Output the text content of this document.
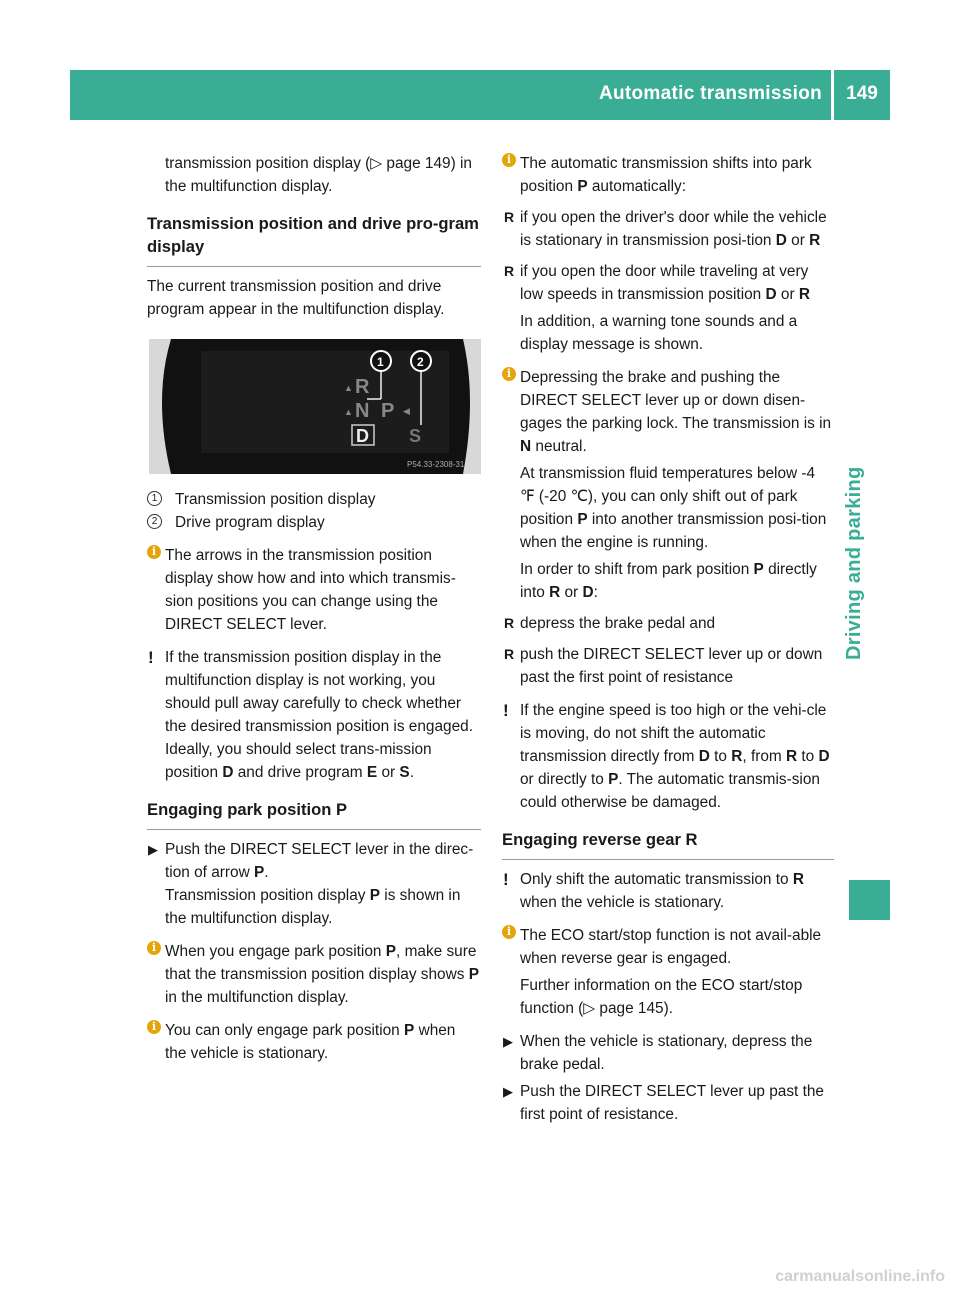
Automatic transmission	149
Driving and parking

transmission position display (▷ page 149) in the multifunction display.

Transmission position and drive pro-gram display

The current transmission position and drive program appear in the multifunction display.

R
N P
D S
▲
▲	◀
1	2
P54.33-2308-31

1	Transmission position display

2	Drive program display

i The arrows in the transmission position display show how and into which transmis-sion positions you can change using the DIRECT SELECT lever.

! If the transmission position display in the multifunction display is not working, you should pull away carefully to check whether the desired transmission position is engaged. Ideally, you should select trans-mission position D and drive program E or S.

Engaging park position P

▶ Push the DIRECT SELECT lever in the direc-tion of arrow P.

Transmission position display P is shown in the multifunction display.

i When you engage park position P, make sure that the transmission position display shows P in the multifunction display.

i You can only engage park position P when the vehicle is stationary.

i The automatic transmission shifts into park position P automatically:

R if you open the driver's door while the vehicle is stationary in transmission posi-tion D or R

R if you open the door while traveling at very low speeds in transmission position D or R

In addition, a warning tone sounds and a display message is shown.

i Depressing the brake and pushing the DIRECT SELECT lever up or down disen-gages the parking lock. The transmission is in N neutral.

At transmission fluid temperatures below -4 ℉ (-20 ℃), you can only shift out of park position P into another transmission posi-tion when the engine is running.

In order to shift from park position P directly into R or D:

R depress the brake pedal and

R push the DIRECT SELECT lever up or down past the first point of resistance

! If the engine speed is too high or the vehi-cle is moving, do not shift the automatic transmission directly from D to R, from R to D or directly to P. The automatic transmis-sion could otherwise be damaged.

Engaging reverse gear R

! Only shift the automatic transmission to R when the vehicle is stationary.

i The ECO start/stop function is not avail-able when reverse gear is engaged.

Further information on the ECO start/stop function (▷ page 145).

▶ When the vehicle is stationary, depress the brake pedal.

▶ Push the DIRECT SELECT lever up past the first point of resistance.

carmanualsonline.info
